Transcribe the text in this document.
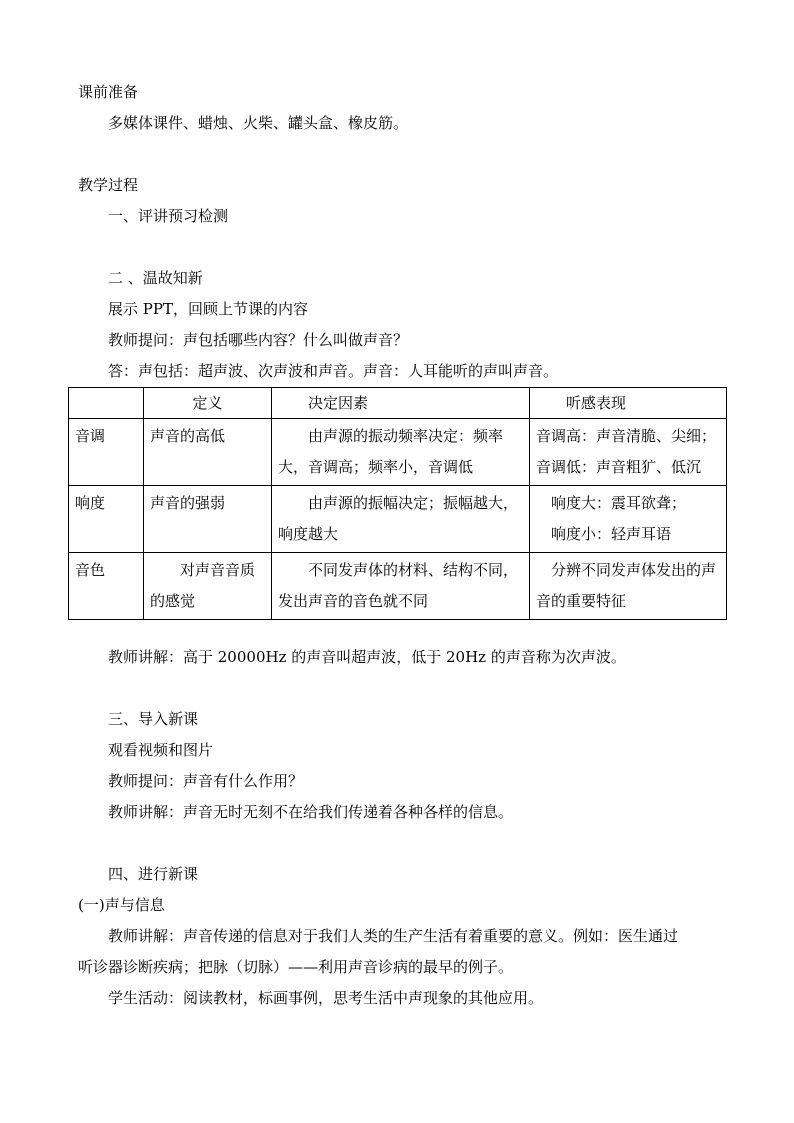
课前准备
多媒体课件、蜡烛、火柴、罐头盒、橡皮筋。
教学过程
一、评讲预习检测
二 、温故知新
展示 PPT，回顾上节课的内容
教师提问：声包括哪些内容？什么叫做声音？
答：声包括：超声波、次声波和声音。声音：人耳能听的声叫声音。
	定义	决定因素	听感表现
音调	声音的高低	由声源的振动频率决定：频率大，音调高；频率小，音调低	音调高：声音清脆、尖细；
音调低：声音粗犷、低沉

响度	声音的强弱	由声源的振幅决定；振幅越大，响度越大	响度大：震耳欲聋；
响度小：轻声耳语

音色	对声音音质的感觉	不同发声体的材料、结构不同，发出声音的音色就不同	分辨不同发声体发出的声音的重要特征
教师讲解：高于 20000Hz 的声音叫超声波，低于 20Hz 的声音称为次声波。
三、导入新课
观看视频和图片
教师提问：声音有什么作用？
教师讲解：声音无时无刻不在给我们传递着各种各样的信息。
四、进行新课
(一)声与信息
教师讲解：声音传递的信息对于我们人类的生产生活有着重要的意义。例如：医生通过
听诊器诊断疾病；把脉（切脉）——利用声音诊病的最早的例子。
学生活动：阅读教材，标画事例，思考生活中声现象的其他应用。
